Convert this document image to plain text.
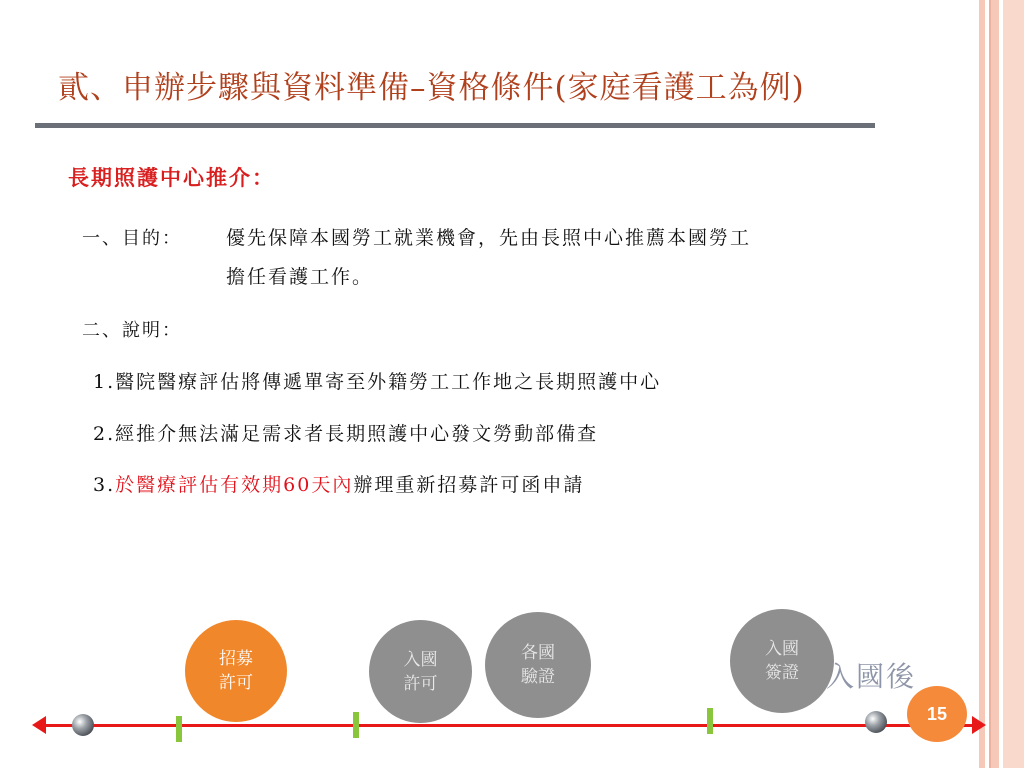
貳、申辦步驟與資料準備–資格條件(家庭看護工為例)
長期照護中心推介：
一、目的： 優先保障本國勞工就業機會，先由長照中心推薦本國勞工
擔任看護工作。
二、說明：
1.醫院醫療評估將傳遞單寄至外籍勞工工作地之長期照護中心
2.經推介無法滿足需求者長期照護中心發文勞動部備查
3.於醫療評估有效期60天內辦理重新招募許可函申請
招募
許可
入國
許可
各國
驗證
入國
簽證 入國後
15
